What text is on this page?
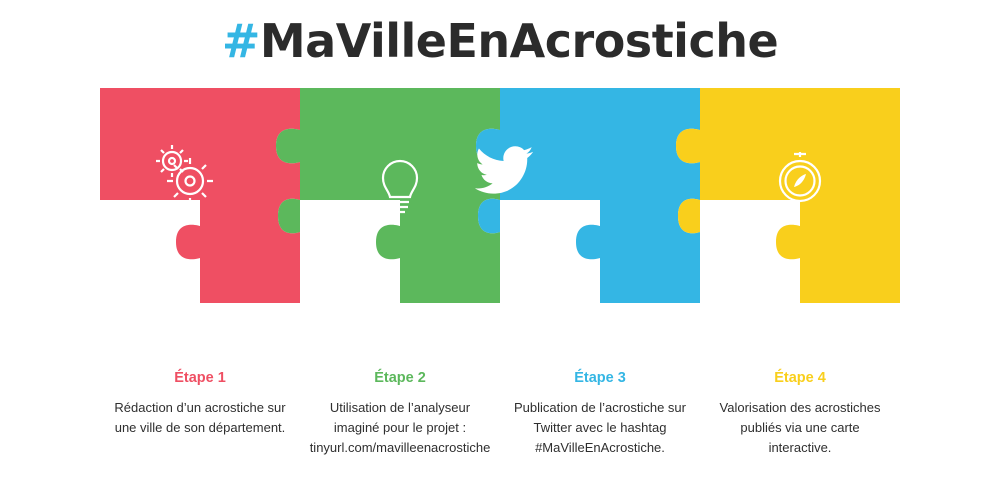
#MaVilleEnAcrostiche
Étape 1
Rédaction d’un acrostiche sur une ville de son département.
Étape 2
Utilisation de l’analyseur imaginé pour le projet : tinyurl.com/mavilleenacrostiche
Étape 3
Publication de l’acrostiche sur Twitter avec le hashtag #MaVilleEnAcrostiche.
Étape 4
Valorisation des acrostiches publiés via une carte interactive.
